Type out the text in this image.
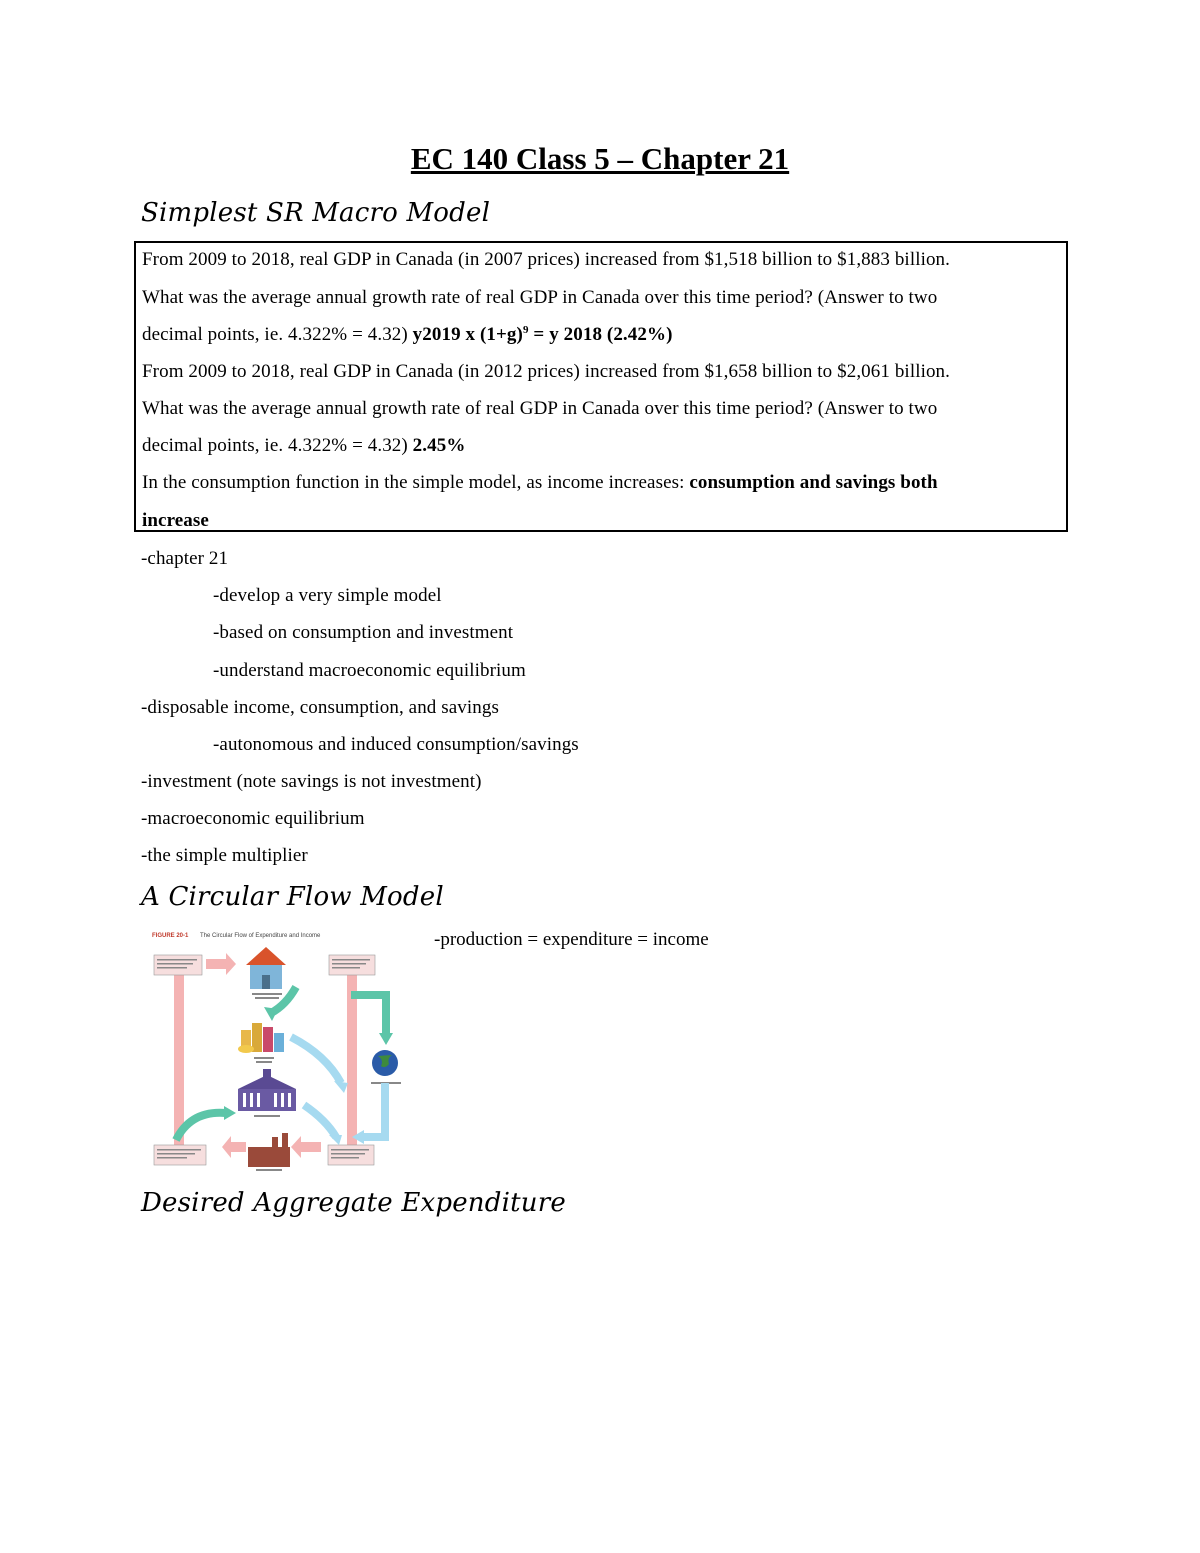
EC 140 Class 5 – Chapter 21
Simplest SR Macro Model
From 2009 to 2018, real GDP in Canada (in 2007 prices) increased from $1,518 billion to $1,883 billion.
What was the average annual growth rate of real GDP in Canada over this time period? (Answer to two
decimal points, ie. 4.322% = 4.32) y2019 x $(1+g)^9 = y$ 2018 (2.42%)
From 2009 to 2018, real GDP in Canada (in 2012 prices) increased from $1,658 billion to $2,061 billion.
What was the average annual growth rate of real GDP in Canada over this time period? (Answer to two
decimal points, ie. 4.322% = 4.32) 2.45%
In the consumption function in the simple model, as income increases: consumption and savings both
increase
-chapter 21
-develop a very simple model
-based on consumption and investment
-understand macroeconomic equilibrium
-disposable income, consumption, and savings
-autonomous and induced consumption/savings
-investment (note savings is not investment)
-macroeconomic equilibrium
-the simple multiplier
A Circular Flow Model
FIGURE 20-1 The Circular Flow of Expenditure and Income	-production = expenditure = income
Desired Aggregate Expenditure
